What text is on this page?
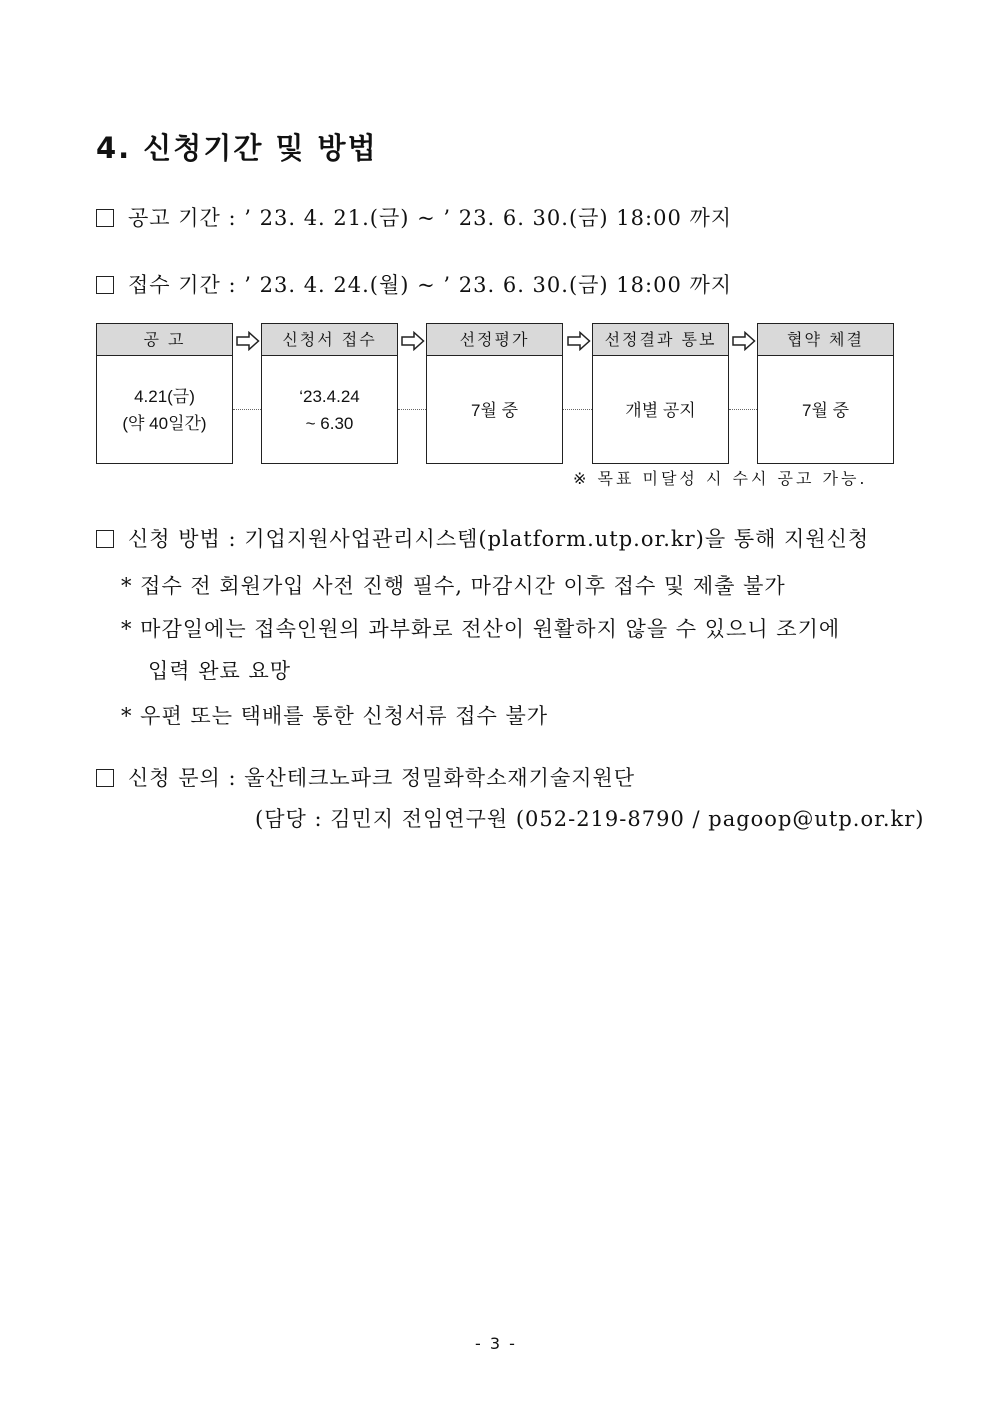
4. 신청기간 및 방법
공고 기간 : ’ 23. 4. 21.(금) ~ ’ 23. 6. 30.(금) 18:00 까지
접수 기간 : ’ 23. 4. 24.(월) ~ ’ 23. 6. 30.(금) 18:00 까지
공 고
4.21(금)
(약 40일간)
신청서 접수
‘23.4.24
~ 6.30
선정평가
7월 중
선정결과 통보
개별 공지
협약 체결
7월 중
※ 목표 미달성 시 수시 공고 가능.
신청 방법 : 기업지원사업관리시스템(platform.utp.or.kr)을 통해 지원신청
* 접수 전 회원가입 사전 진행 필수, 마감시간 이후 접수 및 제출 불가
* 마감일에는 접속인원의 과부화로 전산이 원활하지 않을 수 있으니 조기에
입력 완료 요망
* 우편 또는 택배를 통한 신청서류 접수 불가
신청 문의 : 울산테크노파크 정밀화학소재기술지원단
(담당 : 김민지 전임연구원 (052-219-8790 / pagoop@utp.or.kr)
- 3 -
